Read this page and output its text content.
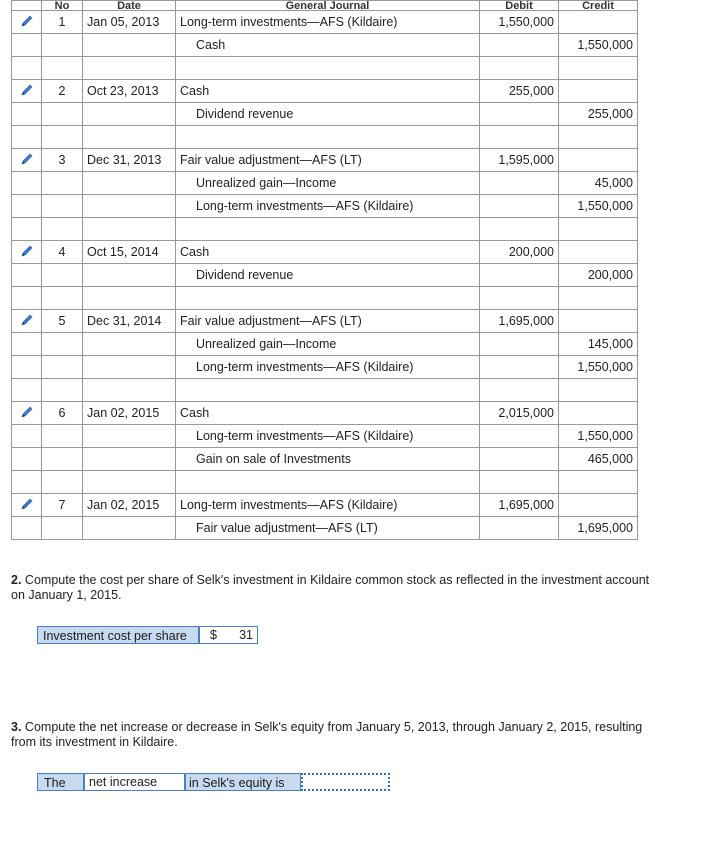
	No	Date	General Journal	Debit	Credit
	1	Jan 05, 2013	Long-term investments—AFS (Kildaire)	1,550,000	
			Cash		1,550,000

	2	Oct 23, 2013	Cash	255,000	
			Dividend revenue		255,000

	3	Dec 31, 2013	Fair value adjustment—AFS (LT)	1,595,000	
			Unrealized gain—Income		45,000
			Long-term investments—AFS (Kildaire)		1,550,000

	4	Oct 15, 2014	Cash	200,000	
			Dividend revenue		200,000

	5	Dec 31, 2014	Fair value adjustment—AFS (LT)	1,695,000	
			Unrealized gain—Income		145,000
			Long-term investments—AFS (Kildaire)		1,550,000

	6	Jan 02, 2015	Cash	2,015,000	
			Long-term investments—AFS (Kildaire)		1,550,000
			Gain on sale of Investments		465,000

	7	Jan 02, 2015	Long-term investments—AFS (Kildaire)	1,695,000	
			Fair value adjustment—AFS (LT)		1,695,000
2. Compute the cost per share of Selk's investment in Kildaire common stock as reflected in the investment account on January 1, 2015.
Investment cost per share	$ 31
3. Compute the net increase or decrease in Selk's equity from January 5, 2013, through January 2, 2015, resulting from its investment in Kildaire.
The	net increase	in Selk's equity is
